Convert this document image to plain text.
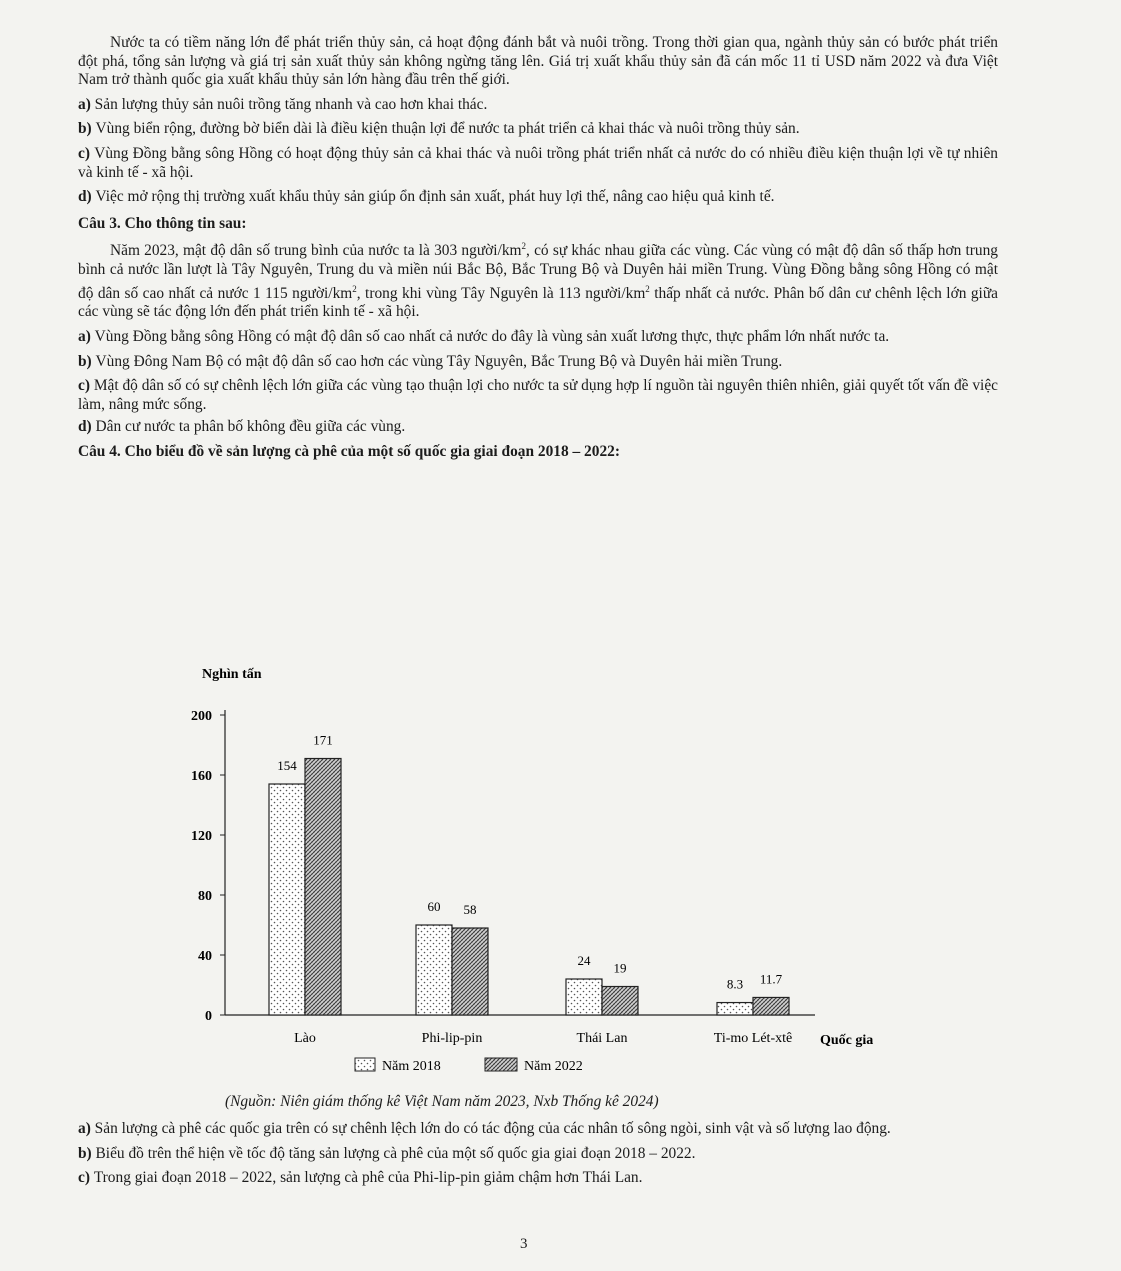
Nước ta có tiềm năng lớn để phát triển thủy sản, cả hoạt động đánh bắt và nuôi trồng. Trong thời gian qua, ngành thủy sản có bước phát triển đột phá, tổng sản lượng và giá trị sản xuất thủy sản không ngừng tăng lên. Giá trị xuất khẩu thủy sản đã cán mốc 11 tỉ USD năm 2022 và đưa Việt Nam trở thành quốc gia xuất khẩu thủy sản lớn hàng đầu trên thế giới.

a) Sản lượng thủy sản nuôi trồng tăng nhanh và cao hơn khai thác.

b) Vùng biển rộng, đường bờ biển dài là điều kiện thuận lợi để nước ta phát triển cả khai thác và nuôi trồng thủy sản.

c) Vùng Đồng bằng sông Hồng có hoạt động thủy sản cả khai thác và nuôi trồng phát triển nhất cả nước do có nhiều điều kiện thuận lợi về tự nhiên và kinh tế - xã hội.

d) Việc mở rộng thị trường xuất khẩu thủy sản giúp ổn định sản xuất, phát huy lợi thế, nâng cao hiệu quả kinh tế.

Câu 3. Cho thông tin sau:

Năm 2023, mật độ dân số trung bình của nước ta là 303 người/$km^2$, có sự khác nhau giữa các vùng. Các vùng có mật độ dân số thấp hơn trung bình cả nước lần lượt là Tây Nguyên, Trung du và miền núi Bắc Bộ, Bắc Trung Bộ và Duyên hải miền Trung. Vùng Đồng bằng sông Hồng có mật độ dân số cao nhất cả nước 1 115 người/$km^2$, trong khi vùng Tây Nguyên là 113 người/$km^2$ thấp nhất cả nước. Phân bố dân cư chênh lệch lớn giữa các vùng sẽ tác động lớn đến phát triển kinh tế - xã hội.

a) Vùng Đồng bằng sông Hồng có mật độ dân số cao nhất cả nước do đây là vùng sản xuất lương thực, thực phẩm lớn nhất nước ta.

b) Vùng Đông Nam Bộ có mật độ dân số cao hơn các vùng Tây Nguyên, Bắc Trung Bộ và Duyên hải miền Trung.

c) Mật độ dân số có sự chênh lệch lớn giữa các vùng tạo thuận lợi cho nước ta sử dụng hợp lí nguồn tài nguyên thiên nhiên, giải quyết tốt vấn đề việc làm, nâng mức sống.

d) Dân cư nước ta phân bố không đều giữa các vùng.

Câu 4. Cho biểu đồ về sản lượng cà phê của một số quốc gia giai đoạn 2018 – 2022:

Nghìn tấn
0
40
80
120
160
200
154
171
60 58
24 19
8.3 11.7
Lào	Phi-lip-pin	Thái Lan	Ti-mo Lét-xtê Quốc gia
Năm 2018	Năm 2022
(Nguồn: Niên giám thống kê Việt Nam năm 2023, Nxb Thống kê 2024)

a) Sản lượng cà phê các quốc gia trên có sự chênh lệch lớn do có tác động của các nhân tố sông ngòi, sinh vật và số lượng lao động.

b) Biểu đồ trên thể hiện về tốc độ tăng sản lượng cà phê của một số quốc gia giai đoạn 2018 – 2022.

c) Trong giai đoạn 2018 – 2022, sản lượng cà phê của Phi-lip-pin giảm chậm hơn Thái Lan.

3
